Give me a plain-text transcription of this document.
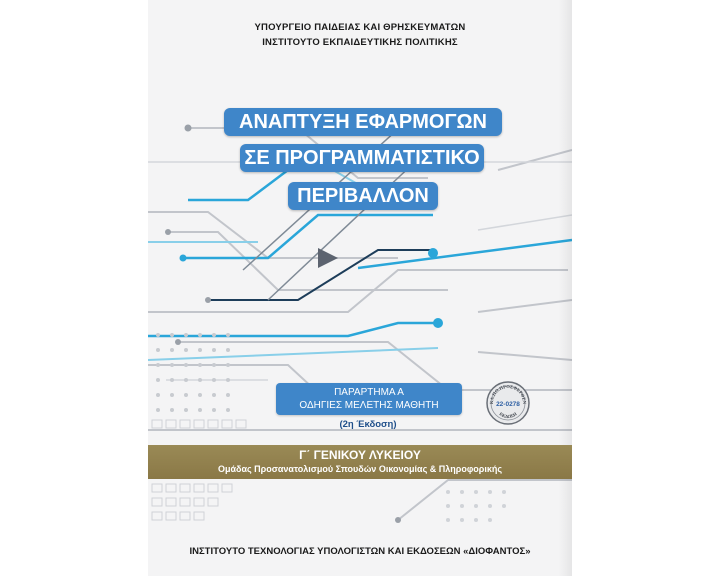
ΥΠΟΥΡΓΕΙΟ ΠΑΙΔΕΙΑΣ ΚΑΙ ΘΡΗΣΚΕΥΜΑΤΩΝ
ΙΝΣΤΙΤΟΥΤΟ ΕΚΠΑΙΔΕΥΤΙΚΗΣ ΠΟΛΙΤΙΚΗΣ
ΑΝΑΠΤΥΞΗ ΕΦΑΡΜΟΓΩΝ
ΣΕ ΠΡΟΓΡΑΜΜΑΤΙΣΤΙΚΟ
ΠΕΡΙΒΑΛΛΟΝ
ΠΑΡΑΡΤΗΜΑ Α
ΟΔΗΓΙΕΣ ΜΕΛΕΤΗΣ ΜΑΘΗΤΗ
(2η Έκδοση)
ΚΑ.ΠΟ.ΠΡΟΣΦΕΡΘΕΝ
22-0278
ΕΚΔΟΣΗ
Γ΄ ΓΕΝΙΚΟΥ ΛΥΚΕΙΟΥ
Ομάδας Προσανατολισμού Σπουδών Οικονομίας & Πληροφορικής
ΙΝΣΤΙΤΟΥΤΟ ΤΕΧΝΟΛΟΓΙΑΣ ΥΠΟΛΟΓΙΣΤΩΝ ΚΑΙ ΕΚΔΟΣΕΩΝ «ΔΙΟΦΑΝΤΟΣ»
